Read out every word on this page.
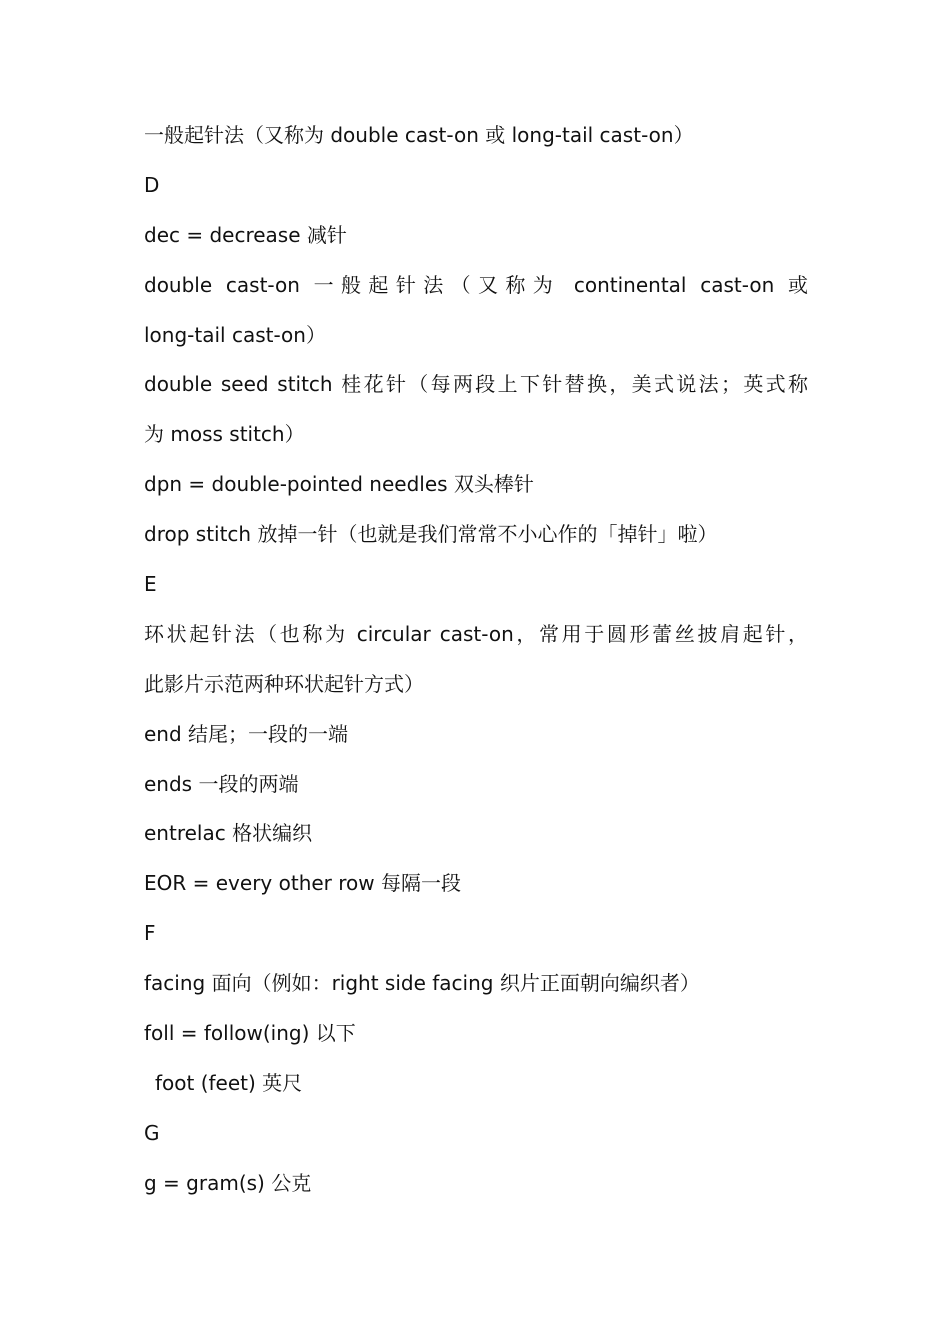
一般起针法（又称为 double cast-on 或 long-tail cast-on）
D
dec = decrease 减针
double cast-on 一般起针法（又称为 continental cast-on 或
long-tail cast-on）
double seed stitch 桂花针（每两段上下针替换，美式说法；英式称
为 moss stitch）
dpn = double-pointed needles 双头棒针
drop stitch 放掉一针（也就是我们常常不小心作的「掉针」啦）
E
环状起针法（也称为 circular cast-on，常用于圆形蕾丝披肩起针，
此影片示范两种环状起针方式）
end 结尾；一段的一端
ends 一段的两端
entrelac 格状编织
EOR = every other row 每隔一段
F
facing 面向（例如：right side facing 织片正面朝向编织者）
foll = follow(ing) 以下
foot (feet) 英尺
G
g = gram(s) 公克
